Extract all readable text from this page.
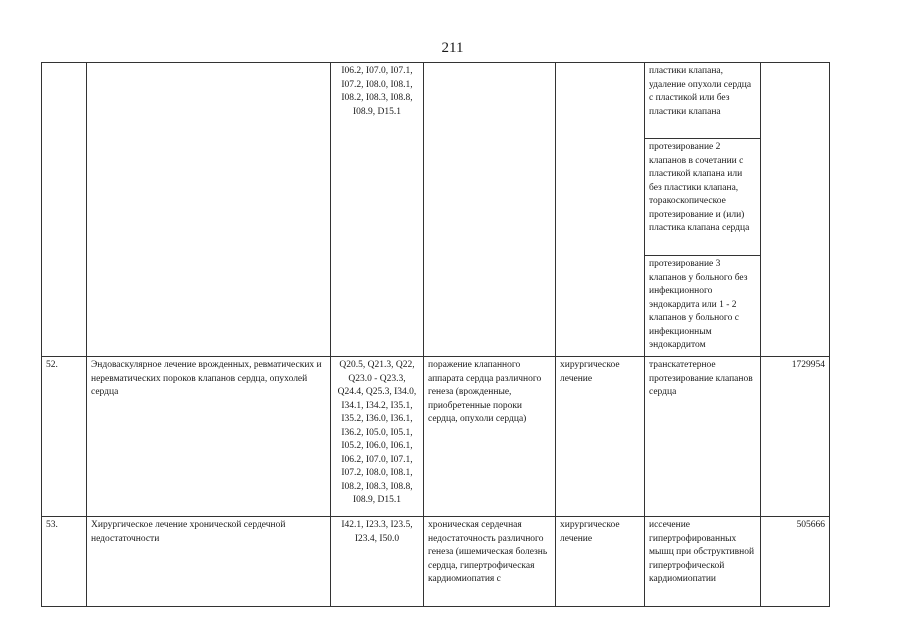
211
		I06.2, I07.0, I07.1, I07.2, I08.0, I08.1, I08.2, I08.3, I08.8, I08.9, D15.1			пластики клапана, удаление опухоли сердца с пластикой или без пластики клапана	
					протезирование 2 клапанов в сочетании с пластикой клапана или без пластики клапана, торакоскопическое протезирование и (или) пластика клапана сердца	
					протезирование 3 клапанов у больного без инфекционного эндокардита или 1 - 2 клапанов у больного с инфекционным эндокардитом	
52.	Эндоваскулярное лечение врожденных, ревматических и неревматических пороков клапанов сердца, опухолей сердца	Q20.5, Q21.3, Q22, Q23.0 - Q23.3, Q24.4, Q25.3, I34.0, I34.1, I34.2, I35.1, I35.2, I36.0, I36.1, I36.2, I05.0, I05.1, I05.2, I06.0, I06.1, I06.2, I07.0, I07.1, I07.2, I08.0, I08.1, I08.2, I08.3, I08.8, I08.9, D15.1	поражение клапанного аппарата сердца различного генеза (врожденные, приобретенные пороки сердца, опухоли сердца)	хирургическое лечение	транскатетерное протезирование клапанов сердца	1729954
53.	Хирургическое лечение хронической сердечной недостаточности	I42.1, I23.3, I23.5, I23.4, I50.0	хроническая сердечная недостаточность различного генеза (ишемическая болезнь сердца, гипертрофическая кардиомиопатия с	хирургическое лечение	иссечение гипертрофированных мышц при обструктивной гипертрофической кардиомиопатии	505666
